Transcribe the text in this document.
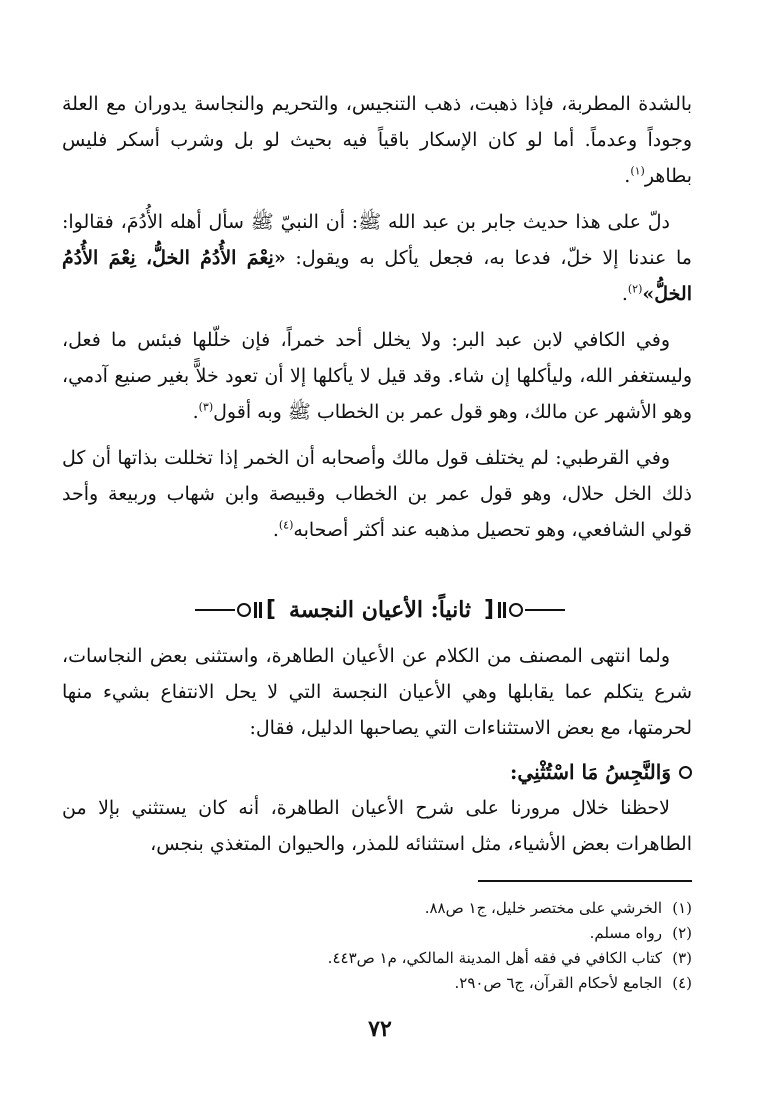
بالشدة المطربة، فإذا ذهبت، ذهب التنجيس، والتحريم والنجاسة يدوران مع العلة وجوداً وعدماً. أما لو كان الإسكار باقياً فيه بحيث لو بل وشرب أسكر فليس بطاهر$^{(١)}$.

دلّ على هذا حديث جابر بن عبد الله ﷺ: أن النبيّ ﷺ سأل أهله الأُدُمَ، فقالوا: ما عندنا إلا خلّ، فدعا به، فجعل يأكل به ويقول: «نِعْمَ الأُدُمُ الخلُّ، نِعْمَ الأُدُمُ الخلُّ»$^{(٢)}$.

وفي الكافي لابن عبد البر: ولا يخلل أحد خمراً، فإن خلّلها فبئس ما فعل، وليستغفر الله، وليأكلها إن شاء. وقد قيل لا يأكلها إلا أن تعود خلاًّ بغير صنيع آدمي، وهو الأشهر عن مالك، وهو قول عمر بن الخطاب ﷺ وبه أقول$^{(٣)}$.

وفي القرطبي: لم يختلف قول مالك وأصحابه أن الخمر إذا تخللت بذاتها أن كل ذلك الخل حلال، وهو قول عمر بن الخطاب وقبيصة وابن شهاب وربيعة وأحد قولي الشافعي، وهو تحصيل مذهبه عند أكثر أصحابه$^{(٤)}$.

[
ثانياً: الأعيان النجسة
]

ولما انتهى المصنف من الكلام عن الأعيان الطاهرة، واستثنى بعض النجاسات، شرع يتكلم عما يقابلها وهي الأعيان النجسة التي لا يحل الانتفاع بشيء منها لحرمتها، مع بعض الاستثناءات التي يصاحبها الدليل، فقال:

وَالنَّجِسُ مَا اسْتُثْنِي:

لاحظنا خلال مرورنا على شرح الأعيان الطاهرة، أنه كان يستثني بإلا من الطاهرات بعض الأشياء، مثل استثنائه للمذر، والحيوان المتغذي بنجس،

(١)
الخرشي على مختصر خليل، ج١ ص٨٨.
(٢)
رواه مسلم.
(٣)
كتاب الكافي في فقه أهل المدينة المالكي، م١ ص٤٤٣.
(٤)
الجامع لأحكام القرآن، ج٦ ص٢٩٠.
٧٢
